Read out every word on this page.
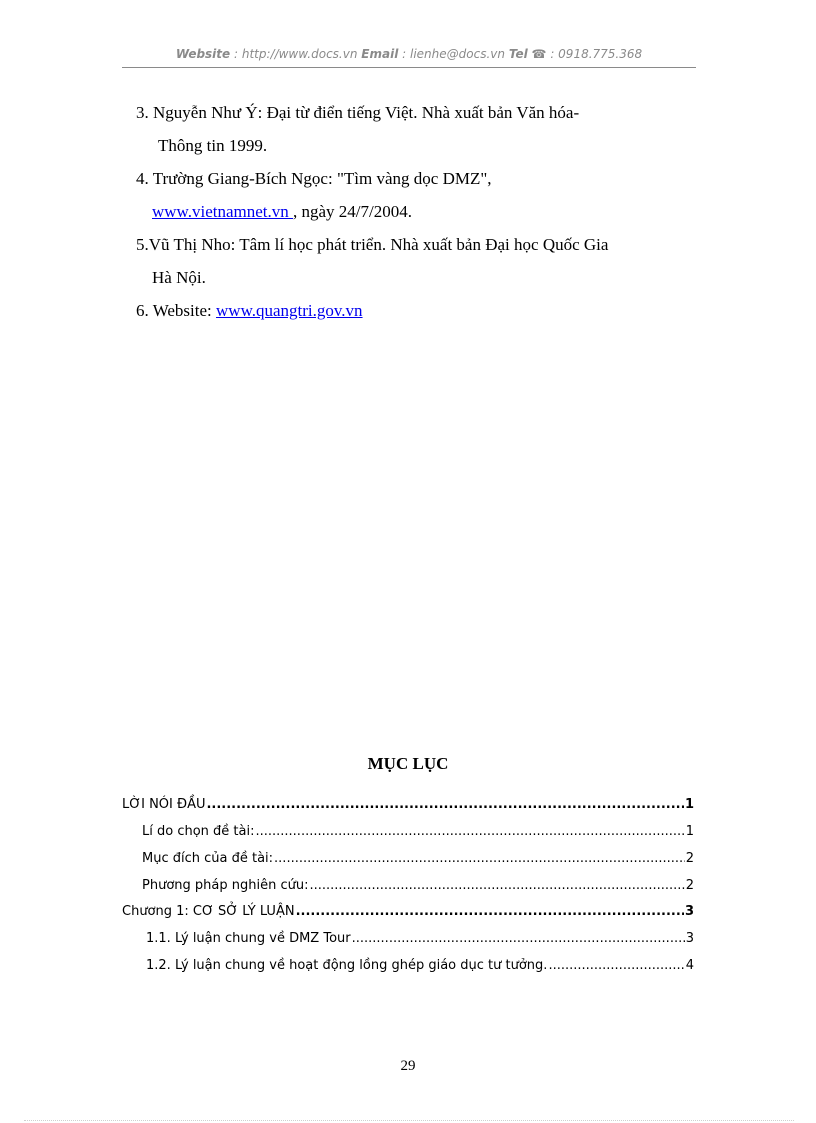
Website : http://www.docs.vn Email : lienhe@docs.vn Tel ☎ : 0918.775.368

3. Nguyễn Như Ý: Đại từ điển tiếng Việt. Nhà xuất bản Văn hóa-
Thông tin 1999.

4. Trường Giang-Bích Ngọc: "Tìm vàng dọc DMZ",
www.vietnamnet.vn , ngày 24/7/2004.

5.Vũ Thị Nho: Tâm lí học phát triển. Nhà xuất bản Đại học Quốc Gia
Hà Nội.

6. Website: www.quangtri.gov.vn

MỤC LỤC
LỜI NÓI ĐẦU .....	1
Lí do chọn đề tài: .....	1
Mục đích của đề tài: .....	2
Phương pháp nghiên cứu: .....	2
Chương 1: CƠ SỞ LÝ LUẬN .....	3
1.1. Lý luận chung về DMZ Tour .....	3
1.2. Lý luận chung về hoạt động lồng ghép giáo dục tư tưởng. .....	4
29
